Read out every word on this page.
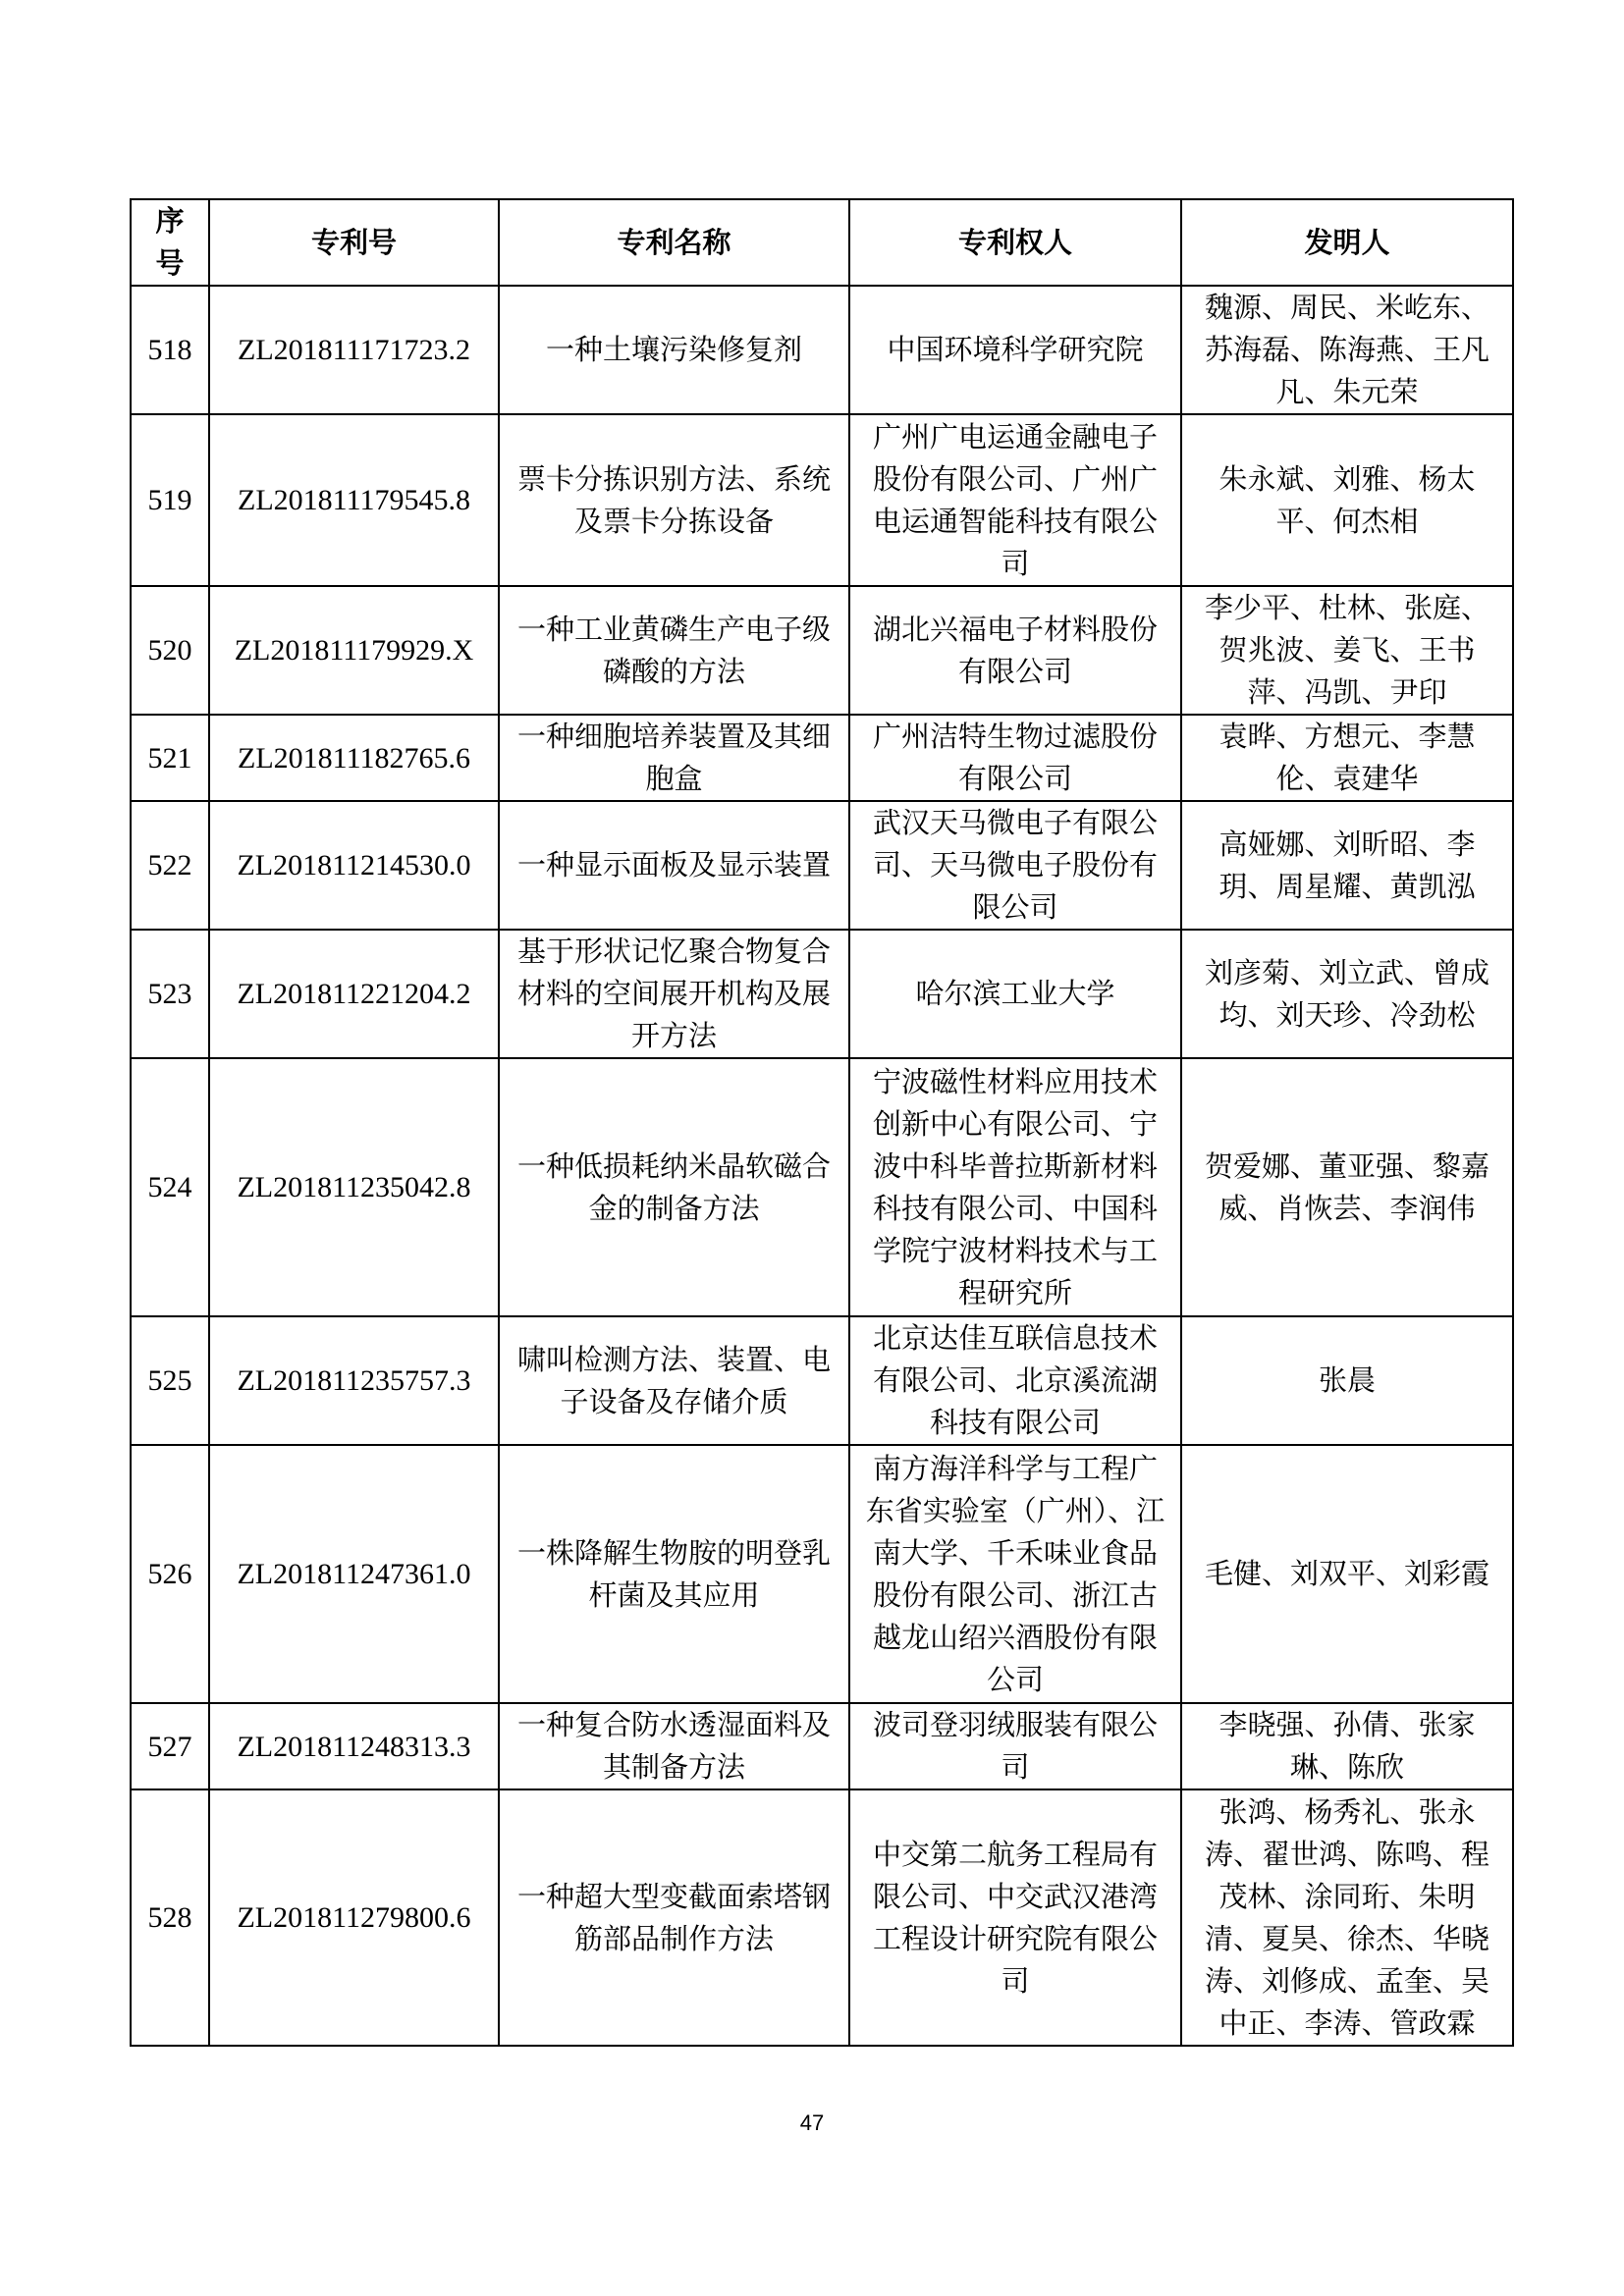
序号	专利号	专利名称	专利权人	发明人
518	ZL201811171723.2	一种土壤污染修复剂	中国环境科学研究院	魏源、周民、米屹东、苏海磊、陈海燕、王凡凡、朱元荣
519	ZL201811179545.8	票卡分拣识别方法、系统及票卡分拣设备	广州广电运通金融电子股份有限公司、广州广电运通智能科技有限公司	朱永斌、刘雅、杨太平、何杰相
520	ZL201811179929.X	一种工业黄磷生产电子级磷酸的方法	湖北兴福电子材料股份有限公司	李少平、杜林、张庭、贺兆波、姜飞、王书萍、冯凯、尹印
521	ZL201811182765.6	一种细胞培养装置及其细胞盒	广州洁特生物过滤股份有限公司	袁晔、方想元、李慧伦、袁建华
522	ZL201811214530.0	一种显示面板及显示装置	武汉天马微电子有限公司、天马微电子股份有限公司	高娅娜、刘昕昭、李玥、周星耀、黄凯泓
523	ZL201811221204.2	基于形状记忆聚合物复合材料的空间展开机构及展开方法	哈尔滨工业大学	刘彦菊、刘立武、曾成均、刘天珍、冷劲松
524	ZL201811235042.8	一种低损耗纳米晶软磁合金的制备方法	宁波磁性材料应用技术创新中心有限公司、宁波中科毕普拉斯新材料科技有限公司、中国科学院宁波材料技术与工程研究所	贺爱娜、董亚强、黎嘉威、肖恢芸、李润伟
525	ZL201811235757.3	啸叫检测方法、装置、电子设备及存储介质	北京达佳互联信息技术有限公司、北京溪流湖科技有限公司	张晨
526	ZL201811247361.0	一株降解生物胺的明登乳杆菌及其应用	南方海洋科学与工程广东省实验室（广州）、江南大学、千禾味业食品股份有限公司、浙江古越龙山绍兴酒股份有限公司	毛健、刘双平、刘彩霞
527	ZL201811248313.3	一种复合防水透湿面料及其制备方法	波司登羽绒服装有限公司	李晓强、孙倩、张家琳、陈欣
528	ZL201811279800.6	一种超大型变截面索塔钢筋部品制作方法	中交第二航务工程局有限公司、中交武汉港湾工程设计研究院有限公司	张鸿、杨秀礼、张永涛、翟世鸿、陈鸣、程茂林、涂同珩、朱明清、夏昊、徐杰、华晓涛、刘修成、孟奎、吴中正、李涛、管政霖
47
